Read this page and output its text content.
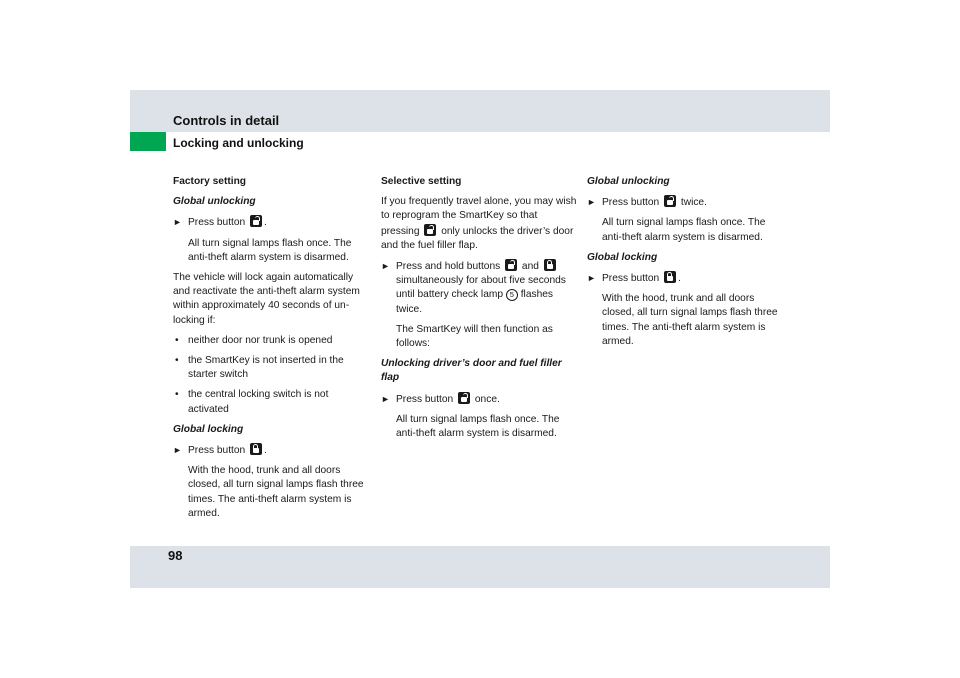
Controls in detail
Locking and unlocking

Factory setting

Global unlocking

► Press button .

All turn signal lamps flash once. The anti-theft alarm system is disarmed.

The vehicle will lock again automatically and reactivate the anti-theft alarm system within approximately 40 seconds of un-locking if:

• neither door nor trunk is opened

• the SmartKey is not inserted in the starter switch

• the central locking switch is not activated

Global locking

► Press button .

With the hood, trunk and all doors closed, all turn signal lamps flash three times. The anti-theft alarm system is armed.

Selective setting

If you frequently travel alone, you may wish to reprogram the SmartKey so that pressing only unlocks the driver’s door and the fuel filler flap.

► Press and hold buttons and  simultaneously for about five seconds until battery check lamp 5 flashes twice.

The SmartKey will then function as follows:

Unlocking driver’s door and fuel filler flap

► Press button once.

All turn signal lamps flash once. The anti-theft alarm system is disarmed.

Global unlocking

► Press button twice.

All turn signal lamps flash once. The anti-theft alarm system is disarmed.

Global locking

► Press button .

With the hood, trunk and all doors closed, all turn signal lamps flash three times. The anti-theft alarm system is armed.

98
